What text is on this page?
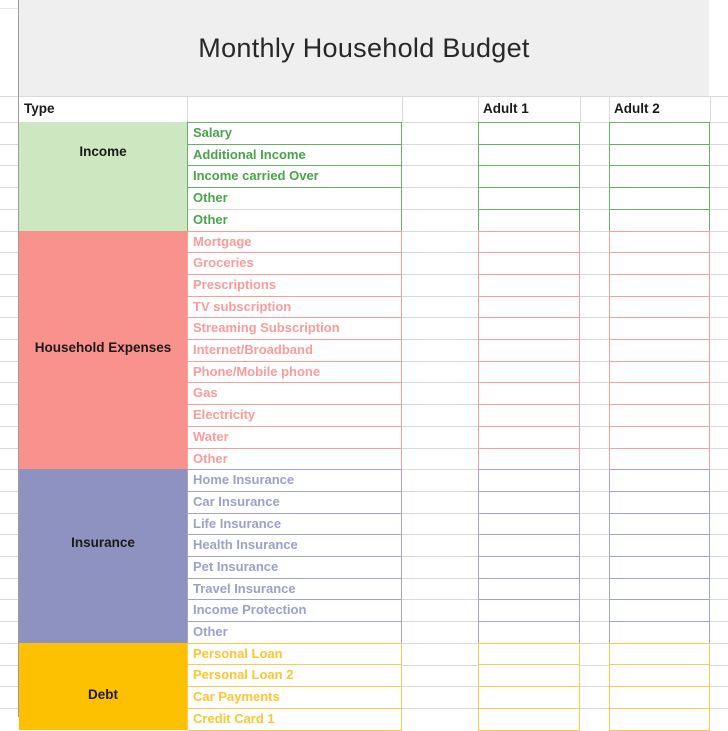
Monthly Household Budget
Type	Adult 1	Adult 2
Income
Salary
Additional Income
Income carried Over
Other
Other
Household Expenses
Mortgage
Groceries
Prescriptions
TV subscription
Streaming Subscription
Internet/Broadband
Phone/Mobile phone
Gas
Electricity
Water
Other
Insurance
Home Insurance
Car Insurance
Life Insurance
Health Insurance
Pet Insurance
Travel Insurance
Income Protection
Other
Debt
Personal Loan
Personal Loan 2
Car Payments
Credit Card 1
